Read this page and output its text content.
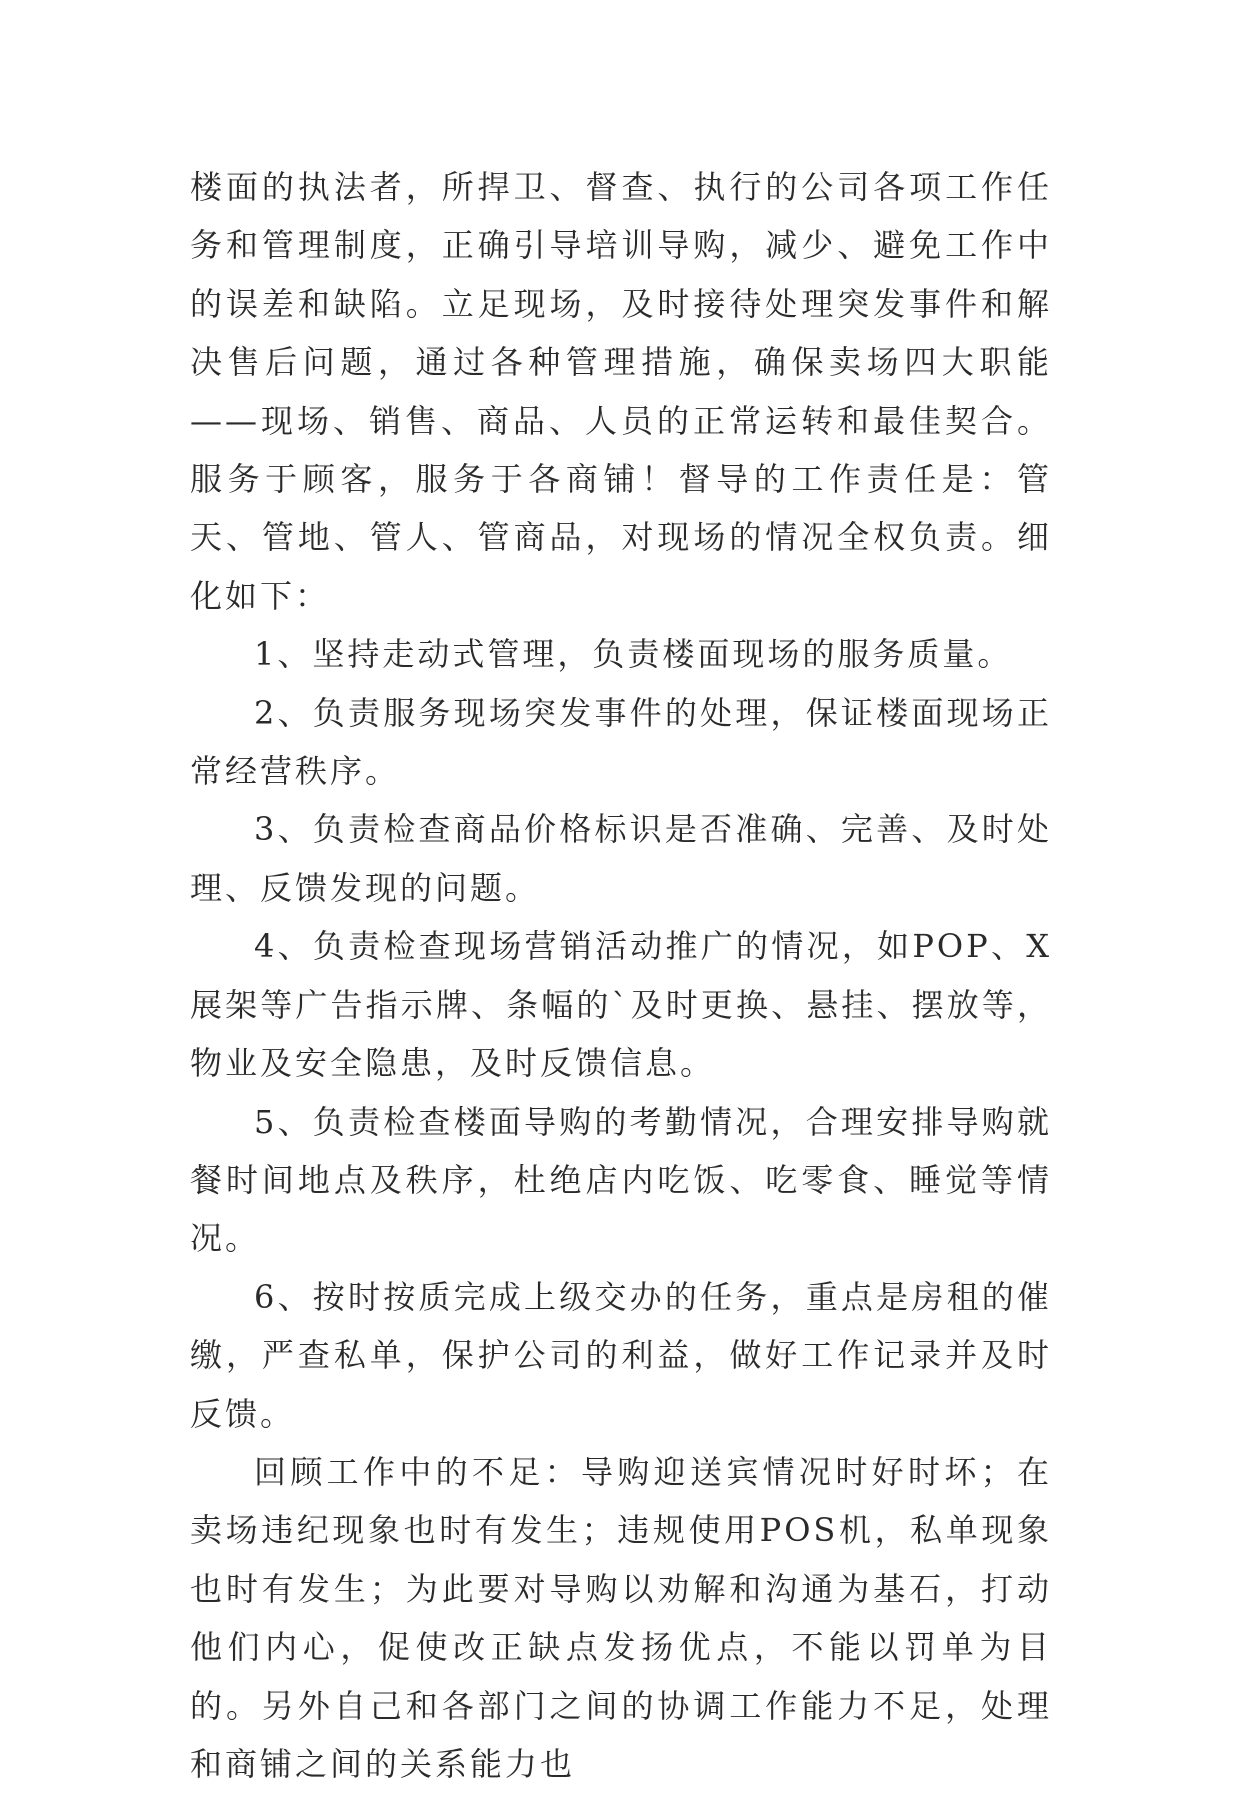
楼面的执法者，所捍卫、督查、执行的公司各项工作任务和管理制度，正确引导培训导购，减少、避免工作中的误差和缺陷。立足现场，及时接待处理突发事件和解决售后问题，通过各种管理措施，确保卖场四大职能——现场、销售、商品、人员的正常运转和最佳契合。服务于顾客，服务于各商铺！督导的工作责任是：管天、管地、管人、管商品，对现场的情况全权负责。细化如下：

1、坚持走动式管理，负责楼面现场的服务质量。

2、负责服务现场突发事件的处理，保证楼面现场正常经营秩序。

3、负责检查商品价格标识是否准确、完善、及时处理、反馈发现的问题。

4、负责检查现场营销活动推广的情况，如POP、X展架等广告指示牌、条幅的`及时更换、悬挂、摆放等，物业及安全隐患，及时反馈信息。

5、负责检查楼面导购的考勤情况，合理安排导购就餐时间地点及秩序，杜绝店内吃饭、吃零食、睡觉等情况。

6、按时按质完成上级交办的任务，重点是房租的催缴，严查私单，保护公司的利益，做好工作记录并及时反馈。

回顾工作中的不足：导购迎送宾情况时好时坏；在卖场违纪现象也时有发生；违规使用POS机，私单现象也时有发生；为此要对导购以劝解和沟通为基石，打动他们内心，促使改正缺点发扬优点，不能以罚单为目的。另外自己和各部门之间的协调工作能力不足，处理和商铺之间的关系能力也
